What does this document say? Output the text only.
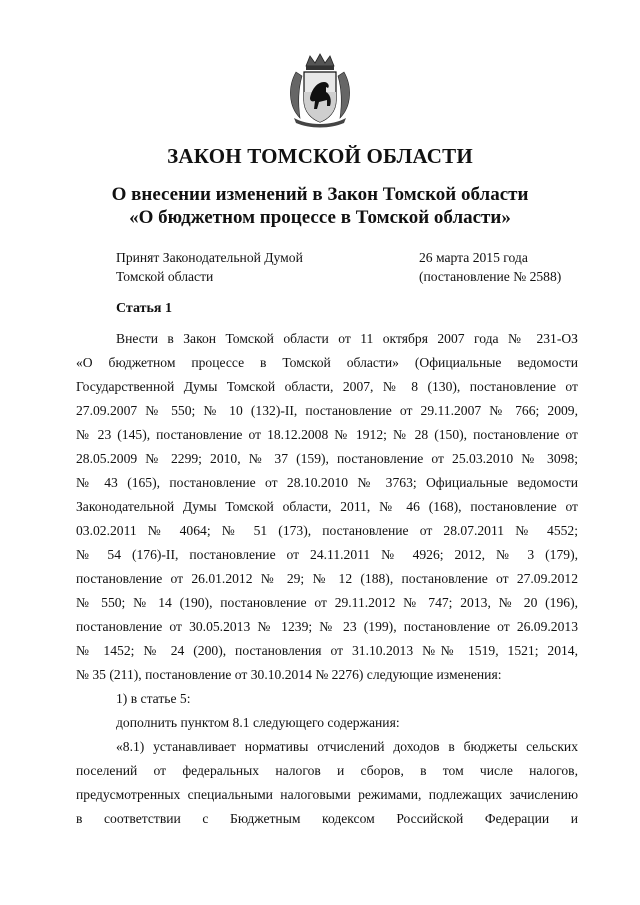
ЗАКОН ТОМСКОЙ ОБЛАСТИ
О внесении изменений в Закон Томской области
«О бюджетном процессе в Томской области»
Принят Законодательной Думой
Томской области
26 марта 2015 года
(постановление № 2588)
Статья 1
Внести в Закон Томской области от 11 октября 2007 года № 231-ОЗ
«О бюджетном процессе в Томской области» (Официальные ведомости
Государственной Думы Томской области, 2007, № 8 (130), постановление от
27.09.2007 № 550; № 10 (132)-II, постановление от 29.11.2007 № 766; 2009,
№ 23 (145), постановление от 18.12.2008 № 1912; № 28 (150), постановление от
28.05.2009 № 2299; 2010, № 37 (159), постановление от 25.03.2010 № 3098;
№ 43 (165), постановление от 28.10.2010 № 3763; Официальные ведомости
Законодательной Думы Томской области, 2011, № 46 (168), постановление от
03.02.2011 № 4064; № 51 (173), постановление от 28.07.2011 № 4552;
№ 54 (176)-II, постановление от 24.11.2011 № 4926; 2012, № 3 (179),
постановление от 26.01.2012 № 29; № 12 (188), постановление от 27.09.2012
№ 550; № 14 (190), постановление от 29.11.2012 № 747; 2013, № 20 (196),
постановление от 30.05.2013 № 1239; № 23 (199), постановление от 26.09.2013
№ 1452; № 24 (200), постановления от 31.10.2013 №№ 1519, 1521; 2014,
№ 35 (211), постановление от 30.10.2014 № 2276) следующие изменения:
1) в статье 5:
дополнить пунктом 8.1 следующего содержания:
«8.1) устанавливает нормативы отчислений доходов в бюджеты сельских
поселений от федеральных налогов и сборов, в том числе налогов,
предусмотренных специальными налоговыми режимами, подлежащих зачислению
в соответствии с Бюджетным кодексом Российской Федерации и
